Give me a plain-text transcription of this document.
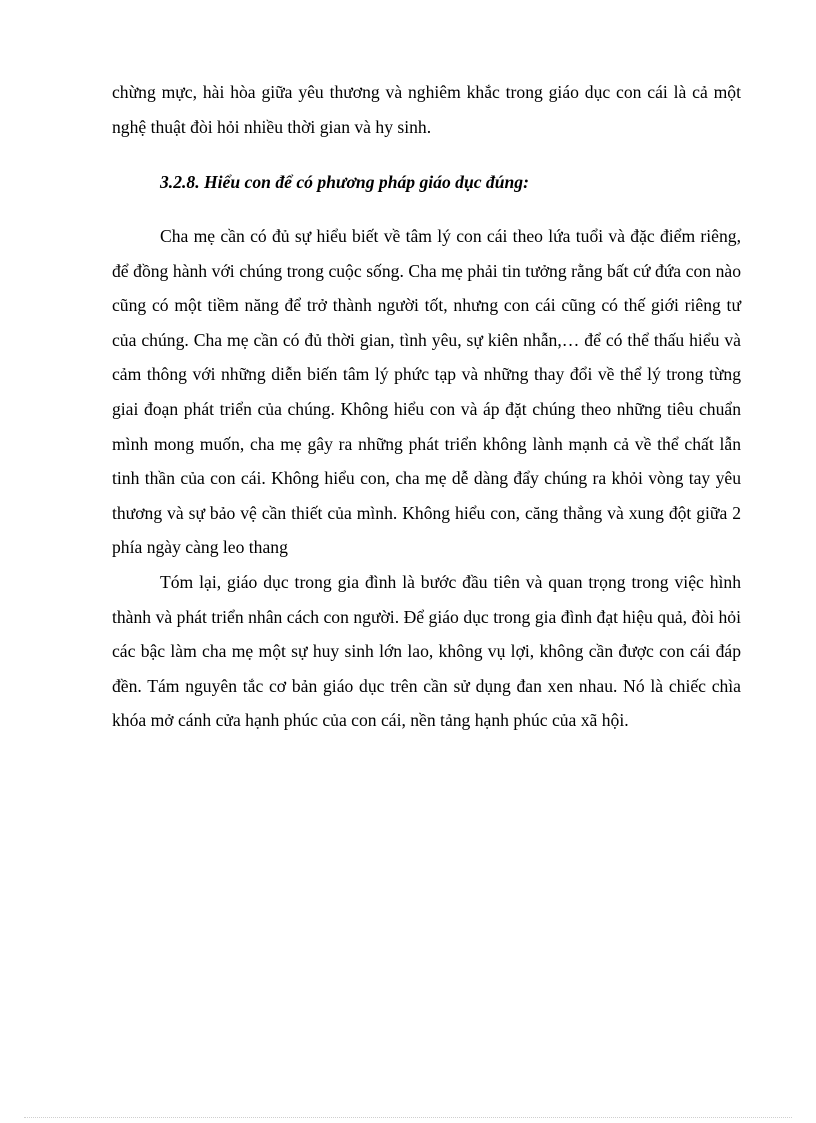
chừng mực, hài hòa giữa yêu thương và nghiêm khắc trong giáo dục con cái là cả một nghệ thuật đòi hỏi nhiều thời gian và hy sinh.

3.2.8. Hiểu con để có phương pháp giáo dục đúng:

Cha mẹ cần có đủ sự hiểu biết về tâm lý con cái theo lứa tuổi và đặc điểm riêng, để đồng hành với chúng trong cuộc sống. Cha mẹ phải tin tưởng rằng bất cứ đứa con nào cũng có một tiềm năng để trở thành người tốt, nhưng con cái cũng có thế giới riêng tư của chúng. Cha mẹ cần có đủ thời gian, tình yêu, sự kiên nhẫn,… để có thể thấu hiểu và cảm thông với những diễn biến tâm lý phức tạp và những thay đổi về thể lý trong từng giai đoạn phát triển của chúng. Không hiểu con và áp đặt chúng theo những tiêu chuẩn mình mong muốn, cha mẹ gây ra những phát triển không lành mạnh cả về thể chất lẫn tinh thần của con cái. Không hiểu con, cha mẹ dễ dàng đẩy chúng ra khỏi vòng tay yêu thương và sự bảo vệ cần thiết của mình. Không hiểu con, căng thẳng và xung đột giữa 2 phía ngày càng leo thang

Tóm lại, giáo dục trong gia đình là bước đầu tiên và quan trọng trong việc hình thành và phát triển nhân cách con người. Để giáo dục trong gia đình đạt hiệu quả, đòi hỏi các bậc làm cha mẹ một sự huy sinh lớn lao, không vụ lợi, không cần được con cái đáp đền. Tám nguyên tắc cơ bản giáo dục trên cần sử dụng đan xen nhau. Nó là chiếc chìa khóa mở cánh cửa hạnh phúc của con cái, nền tảng hạnh phúc của xã hội.
